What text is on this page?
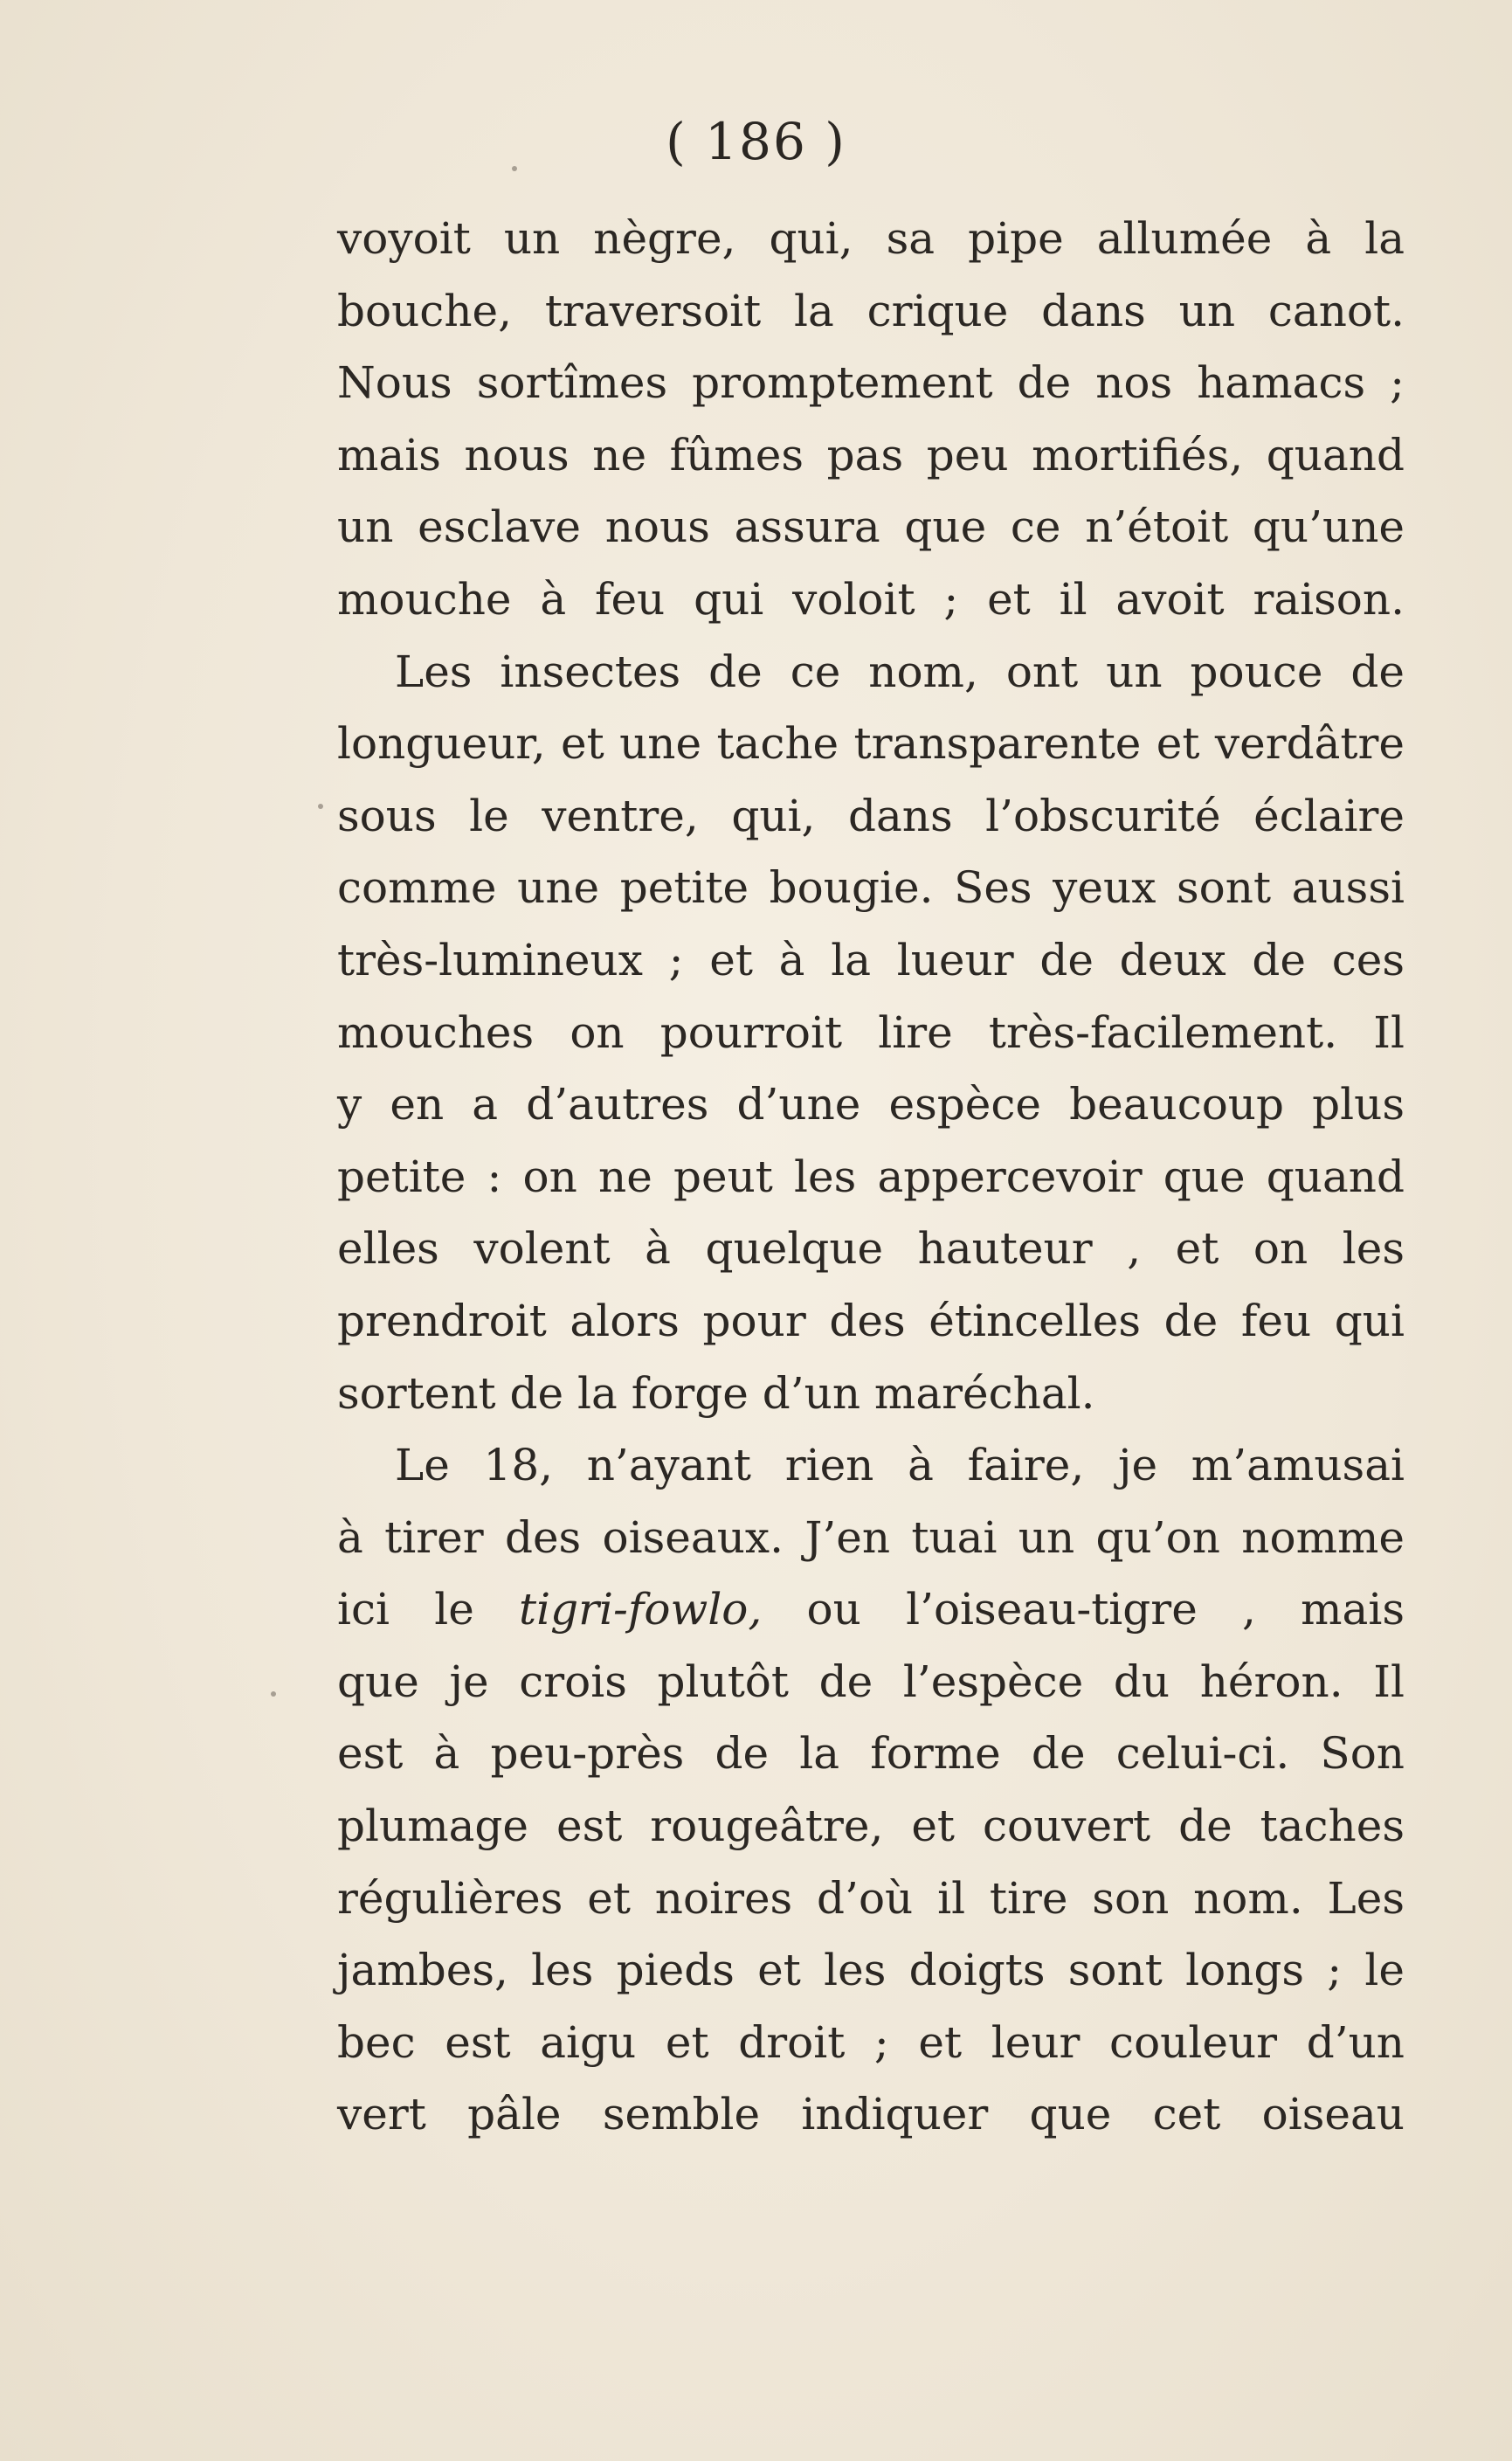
( 186 )
voyoit un nègre, qui, sa pipe allumée à la
bouche, traversoit la crique dans un canot.
Nous sortîmes promptement de nos hamacs ;
mais nous ne fûmes pas peu mortifiés, quand
un esclave nous assura que ce n’étoit qu’une
mouche à feu qui voloit ; et il avoit raison.
Les insectes de ce nom, ont un pouce de
longueur, et une tache transparente et verdâtre
sous le ventre, qui, dans l’obscurité éclaire
comme une petite bougie. Ses yeux sont aussi
très-lumineux ; et à la lueur de deux de ces
mouches on pourroit lire très-facilement. Il
y en a d’autres d’une espèce beaucoup plus
petite : on ne peut les appercevoir que quand
elles volent à quelque hauteur , et on les
prendroit alors pour des étincelles de feu qui
sortent de la forge d’un maréchal.
Le 18, n’ayant rien à faire, je m’amusai
à tirer des oiseaux. J’en tuai un qu’on nomme
ici le tigri-fowlo, ou l’oiseau-tigre , mais
que je crois plutôt de l’espèce du héron. Il
est à peu-près de la forme de celui-ci. Son
plumage est rougeâtre, et couvert de taches
régulières et noires d’où il tire son nom. Les
jambes, les pieds et les doigts sont longs ; le
bec est aigu et droit ; et leur couleur d’un
vert pâle semble indiquer que cet oiseau
